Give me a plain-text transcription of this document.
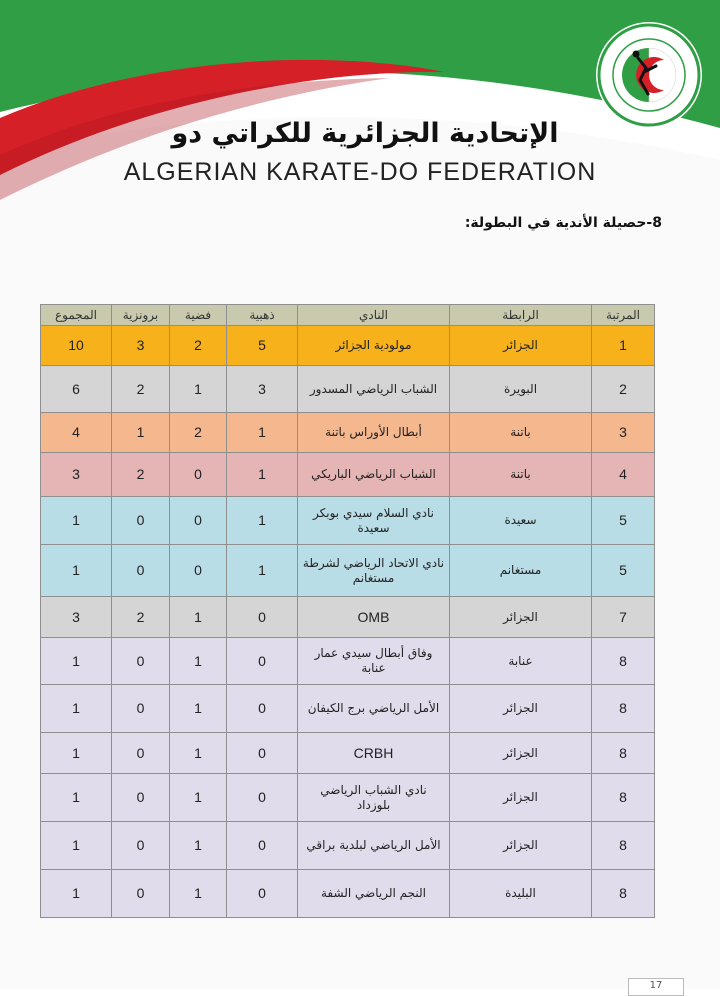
الإتحادية الجزائرية للكراتي دو
ALGERIAN KARATE-DO FEDERATION
8-حصيلة الأندية في البطولة:
المرتبة	الرابطة	النادي	ذهبية	فضية	برونزية	المجموع
1	الجزائر	مولودية الجزائر	5	2	3	10
2	البويرة	الشباب الرياضي المسدور	3	1	2	6
3	باتنة	أبطال الأوراس باتنة	1	2	1	4
4	باتنة	الشباب الرياضي الباريكي	1	0	2	3
5	سعيدة	نادي السلام سيدي بوبكر سعيدة	1	0	0	1
5	مستغانم	نادي الاتحاد الرياضي لشرطة مستغانم	1	0	0	1
7	الجزائر	OMB	0	1	2	3
8	عنابة	وفاق أبطال سيدي عمار عنابة	0	1	0	1
8	الجزائر	الأمل الرياضي برج الكيفان	0	1	0	1
8	الجزائر	CRBH	0	1	0	1
8	الجزائر	نادي الشباب الرياضي بلوزداد	0	1	0	1
8	الجزائر	الأمل الرياضي لبلدية براقي	0	1	0	1
8	البليدة	النجم الرياضي الشفة	0	1	0	1
17
